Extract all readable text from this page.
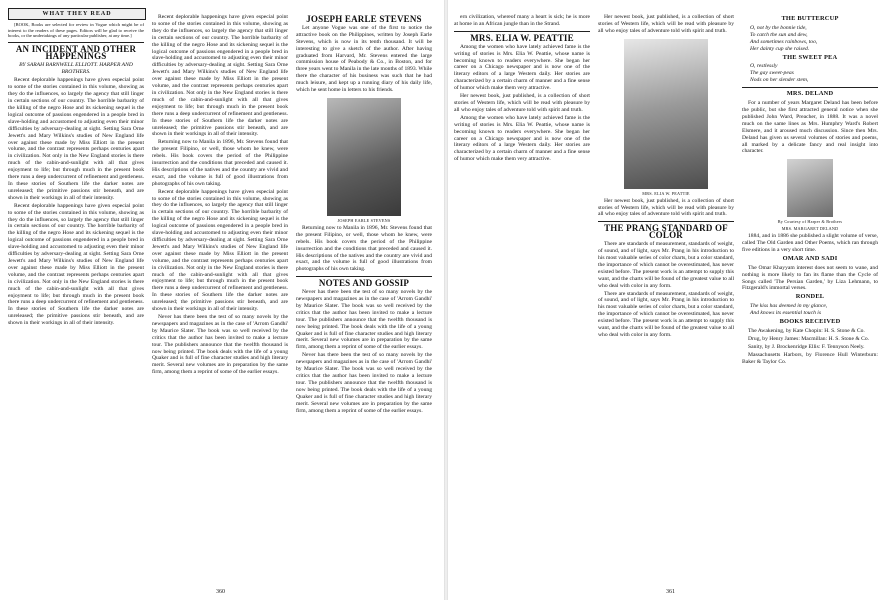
WHAT THEY READ

[BOOK, Books are selected for review in Vogue which might be of interest to the readers of these pages. Editors will be glad to receive the books, or the undertakings of any particular publisher, at any time.]

AN INCIDENT AND OTHER HAPPENINGS
BY SARAH BARNWELL ELLIOTT. HARPER AND BROTHERS.

Recent deplorable happenings have given especial point to some of the stories contained in this volume, showing as they do the influences, so largely the agency that still linger in certain sections of our country. The horrible barbarity of the killing of the negro Hose and its sickening sequel is the logical outcome of passions engendered in a people bred in slave-holding and accustomed to adjusting even their minor difficulties by adversary-dealing at sight. Setting Sara Orne Jewett's and Mary Wilkins's studies of New England life over against these made by Miss Elliott in the present volume, and the contrast represents perhaps centuries apart in civilization. Not only in the New England stories is there much of the cabin-and-sunlight with all that gives enjoyment to life; but through much in the present book there runs a deep undercurrent of refinement and gentleness. In these stories of Southern life the darker notes are unreleased; the primitive passions stir beneath, and are shown in their workings in all of their intensity.

Recent deplorable happenings have given especial point to some of the stories contained in this volume, showing as they do the influences, so largely the agency that still linger in certain sections of our country. The horrible barbarity of the killing of the negro Hose and its sickening sequel is the logical outcome of passions engendered in a people bred in slave-holding and accustomed to adjusting even their minor difficulties by adversary-dealing at sight. Setting Sara Orne Jewett's and Mary Wilkins's studies of New England life over against these made by Miss Elliott in the present volume, and the contrast represents perhaps centuries apart in civilization. Not only in the New England stories is there much of the cabin-and-sunlight with all that gives enjoyment to life; but through much in the present book there runs a deep undercurrent of refinement and gentleness. In these stories of Southern life the darker notes are unreleased; the primitive passions stir beneath, and are shown in their workings in all of their intensity.

Recent deplorable happenings have given especial point to some of the stories contained in this volume, showing as they do the influences, so largely the agency that still linger in certain sections of our country. The horrible barbarity of the killing of the negro Hose and its sickening sequel is the logical outcome of passions engendered in a people bred in slave-holding and accustomed to adjusting even their minor difficulties by adversary-dealing at sight. Setting Sara Orne Jewett's and Mary Wilkins's studies of New England life over against these made by Miss Elliott in the present volume, and the contrast represents perhaps centuries apart in civilization. Not only in the New England stories is there much of the cabin-and-sunlight with all that gives enjoyment to life; but through much in the present book there runs a deep undercurrent of refinement and gentleness. In these stories of Southern life the darker notes are unreleased; the primitive passions stir beneath, and are shown in their workings in all of their intensity.

Returning now to Manila in 1896, Mr. Stevens found that the present Filipino, or well, those whom he knew, were rebels. His book covers the period of the Philippine insurrection and the conditions that preceded and caused it. His descriptions of the natives and the country are vivid and exact, and the volume is full of good illustrations from photographs of his own taking.

Recent deplorable happenings have given especial point to some of the stories contained in this volume, showing as they do the influences, so largely the agency that still linger in certain sections of our country. The horrible barbarity of the killing of the negro Hose and its sickening sequel is the logical outcome of passions engendered in a people bred in slave-holding and accustomed to adjusting even their minor difficulties by adversary-dealing at sight. Setting Sara Orne Jewett's and Mary Wilkins's studies of New England life over against these made by Miss Elliott in the present volume, and the contrast represents perhaps centuries apart in civilization. Not only in the New England stories is there much of the cabin-and-sunlight with all that gives enjoyment to life; but through much in the present book there runs a deep undercurrent of refinement and gentleness. In these stories of Southern life the darker notes are unreleased; the primitive passions stir beneath, and are shown in their workings in all of their intensity.

Never has there been the test of so many novels by the newspapers and magazines as in the case of 'Arrom Gandhi' by Maurice Slater. The book was so well received by the critics that the author has been invited to make a lecture tour. The publishers announce that the twelfth thousand is now being printed. The book deals with the life of a young Quaker and is full of fine character studies and high literary merit. Several new volumes are in preparation by the same firm, among them a reprint of some of the earlier essays.

JOSEPH EARLE STEVENS

Let anyone Vogue was one of the first to notice the attractive book on the Philippines, written by Joseph Earle Stevens, which is now in its tenth thousand. It will be interesting to give a sketch of the author. After having graduated from Harvard, Mr. Stevens entered the large commission house of Peabody & Co., in Boston, and for three years went to Manila in the late months of 1893. While there the character of his business was such that he had much leisure, and kept up a running diary of his daily life, which he sent home in letters to his friends.

JOSEPH EARLE STEVENS

Returning now to Manila in 1896, Mr. Stevens found that the present Filipino, or well, those whom he knew, were rebels. His book covers the period of the Philippine insurrection and the conditions that preceded and caused it. His descriptions of the natives and the country are vivid and exact, and the volume is full of good illustrations from photographs of his own taking.

NOTES AND GOSSIP

Never has there been the test of so many novels by the newspapers and magazines as in the case of 'Arrom Gandhi' by Maurice Slater. The book was so well received by the critics that the author has been invited to make a lecture tour. The publishers announce that the twelfth thousand is now being printed. The book deals with the life of a young Quaker and is full of fine character studies and high literary merit. Several new volumes are in preparation by the same firm, among them a reprint of some of the earlier essays.

Never has there been the test of so many novels by the newspapers and magazines as in the case of 'Arrom Gandhi' by Maurice Slater. The book was so well received by the critics that the author has been invited to make a lecture tour. The publishers announce that the twelfth thousand is now being printed. The book deals with the life of a young Quaker and is full of fine character studies and high literary merit. Several new volumes are in preparation by the same firm, among them a reprint of some of the earlier essays.

360

ern civilization, whereof many a heart is sick; he is more at home in an African jungle than in the Strand.

MRS. ELIA W. PEATTIE

Among the women who have lately achieved fame is the writing of stories is Mrs. Elia W. Peattie, whose name is becoming known to readers everywhere. She began her career on a Chicago newspaper and is now one of the literary editors of a large Western daily. Her stories are characterized by a certain charm of manner and a fine sense of humor which make them very attractive.

Her newest book, just published, is a collection of short stories of Western life, which will be read with pleasure by all who enjoy tales of adventure told with spirit and truth.

Among the women who have lately achieved fame is the writing of stories is Mrs. Elia W. Peattie, whose name is becoming known to readers everywhere. She began her career on a Chicago newspaper and is now one of the literary editors of a large Western daily. Her stories are characterized by a certain charm of manner and a fine sense of humor which make them very attractive.

Her newest book, just published, is a collection of short stories of Western life, which will be read with pleasure by all who enjoy tales of adventure told with spirit and truth.

MRS. ELIA W. PEATTIE

Her newest book, just published, is a collection of short stories of Western life, which will be read with pleasure by all who enjoy tales of adventure told with spirit and truth.

THE PRANG STANDARD OF COLOR

There are standards of measurement, standards of weight, of sound, and of light, says Mr. Prang in his introduction to his most valuable series of color charts, but a color standard, the importance of which cannot be overestimated, has never existed before. The present work is an attempt to supply this want, and the charts will be found of the greatest value to all who deal with color in any form.

There are standards of measurement, standards of weight, of sound, and of light, says Mr. Prang in his introduction to his most valuable series of color charts, but a color standard, the importance of which cannot be overestimated, has never existed before. The present work is an attempt to supply this want, and the charts will be found of the greatest value to all who deal with color in any form.

THE BUTTERCUP
O, not by the bonnie tide,
To catch the sun and dew,
And sometimes rainbows, too,
Her dainty cup she raised.
THE SWEET PEA
O, restlessly
The gay sweet-peas
Nods on her slender stem,
MRS. DELAND

For a number of years Margaret Deland has been before the public, but she first attracted general notice when she published John Ward, Preacher, in 1888. It was a novel much on the same lines as Mrs. Humphry Ward's Robert Elsmere, and it aroused much discussion. Since then Mrs. Deland has given us several volumes of stories and poems, all marked by a delicate fancy and real insight into character.

By Courtesy of Harper & Brothers
MRS. MARGARET DELAND

1884, and in 1886 she published a slight volume of verse, called The Old Garden and Other Poems, which ran through five editions in a very short time.

OMAR AND SADI

The Omar Khayyam interest does not seem to wane, and nothing is more likely to fan its flame than the Cycle of Songs called 'The Persian Garden,' by Liza Lehmann, to Fitzgerald's immortal verses.

RONDEL
The kiss has deemed in my glance,
And knows its essential touch is
BOOKS RECEIVED

The Awakening, by Kate Chopin: H. S. Stone & Co.

Drug, by Henry James: Macmillan: H. S. Stone & Co.

Sanity, by J. Brockenridge Ellis: F. Tennyson Neely.

Massachusetts Harbors, by Florence Hull Winterburn: Baker & Taylor Co.

361
